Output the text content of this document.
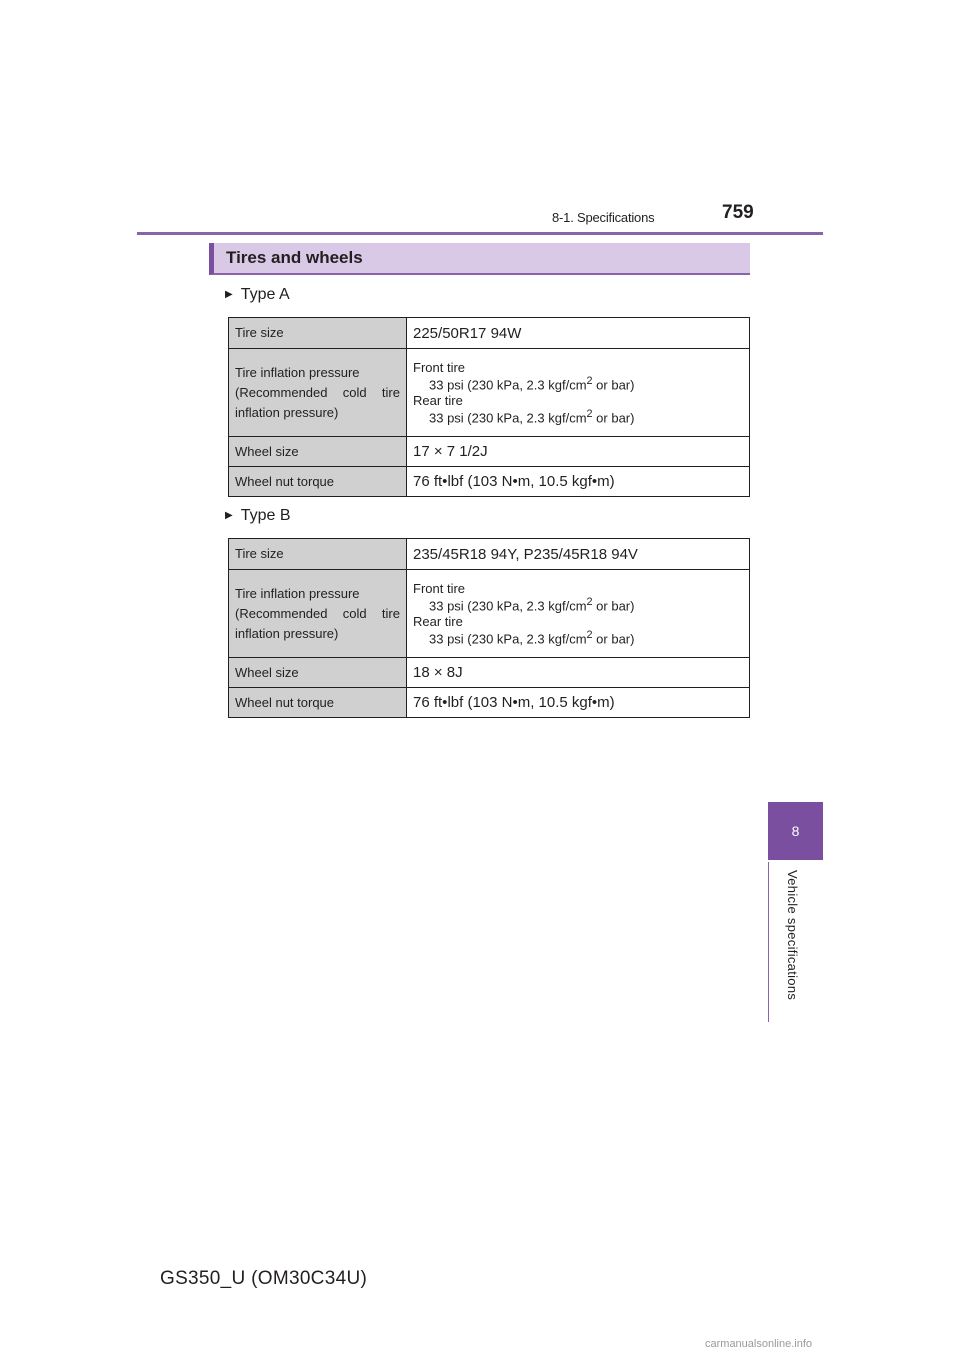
8-1. Specifications	759
Tires and wheels
▶ Type A
Tire size	225/50R17 94W

Tire inflation pressure
(Recommended cold tire
inflation pressure)	Front tire
33 psi (230 kPa, 2.3 kgf/$cm^2$ or bar)
Rear tire
33 psi (230 kPa, 2.3 kgf/$cm^2$ or bar)

Wheel size	17 × 7 1/2J
Wheel nut torque	76 ft•lbf (103 N•m, 10.5 kgf•m)
▶ Type B
Tire size	235/45R18 94Y, P235/45R18 94V

Tire inflation pressure
(Recommended cold tire
inflation pressure)	Front tire
33 psi (230 kPa, 2.3 kgf/$cm^2$ or bar)
Rear tire
33 psi (230 kPa, 2.3 kgf/$cm^2$ or bar)

Wheel size	18 × 8J
Wheel nut torque	76 ft•lbf (103 N•m, 10.5 kgf•m)
8
Vehicle specifications
GS350_U (OM30C34U)
carmanualsonline.info
